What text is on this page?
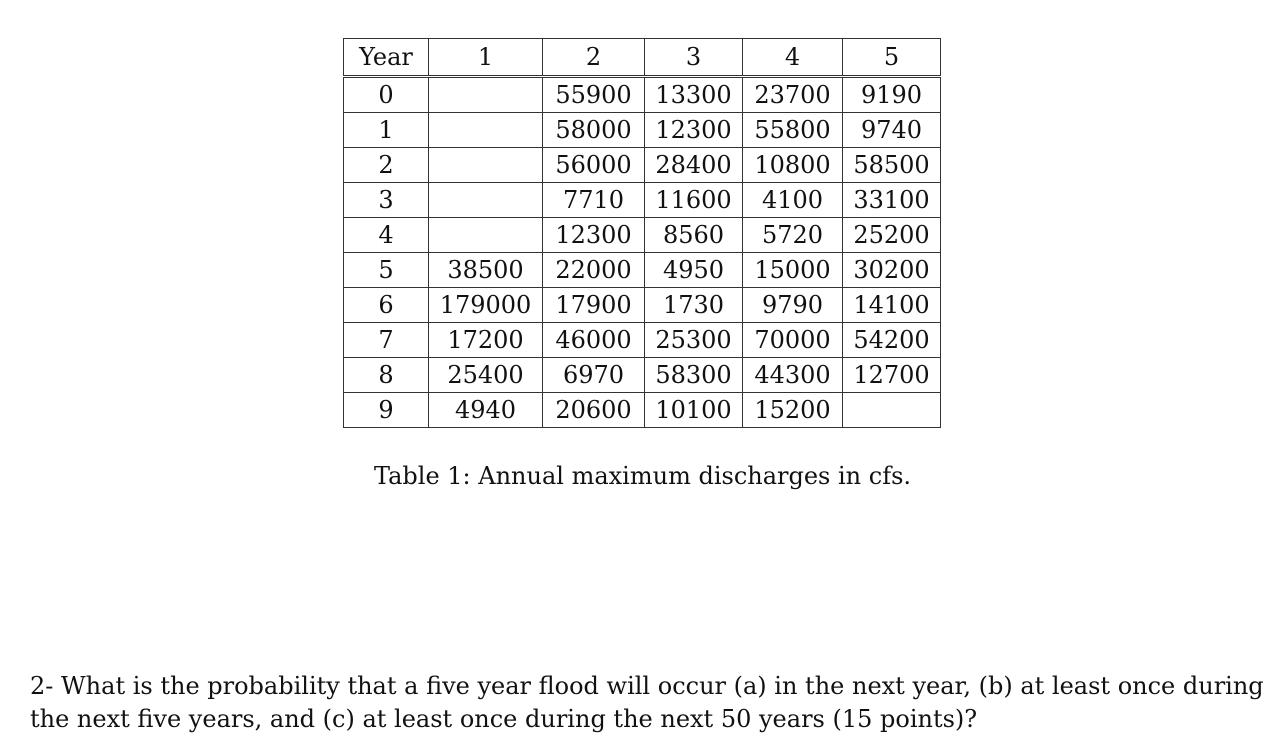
Year	1	2	3	4	5
0		55900	13300	23700	9190
1		58000	12300	55800	9740
2		56000	28400	10800	58500
3		7710	11600	4100	33100
4		12300	8560	5720	25200
5	38500	22000	4950	15000	30200
6	179000	17900	1730	9790	14100
7	17200	46000	25300	70000	54200
8	25400	6970	58300	44300	12700
9	4940	20600	10100	15200	
Table 1: Annual maximum discharges in cfs.
2- What is the probability that a five year flood will occur (a) in the next year, (b) at least once during the next five years, and (c) at least once during the next 50 years (15 points)?
